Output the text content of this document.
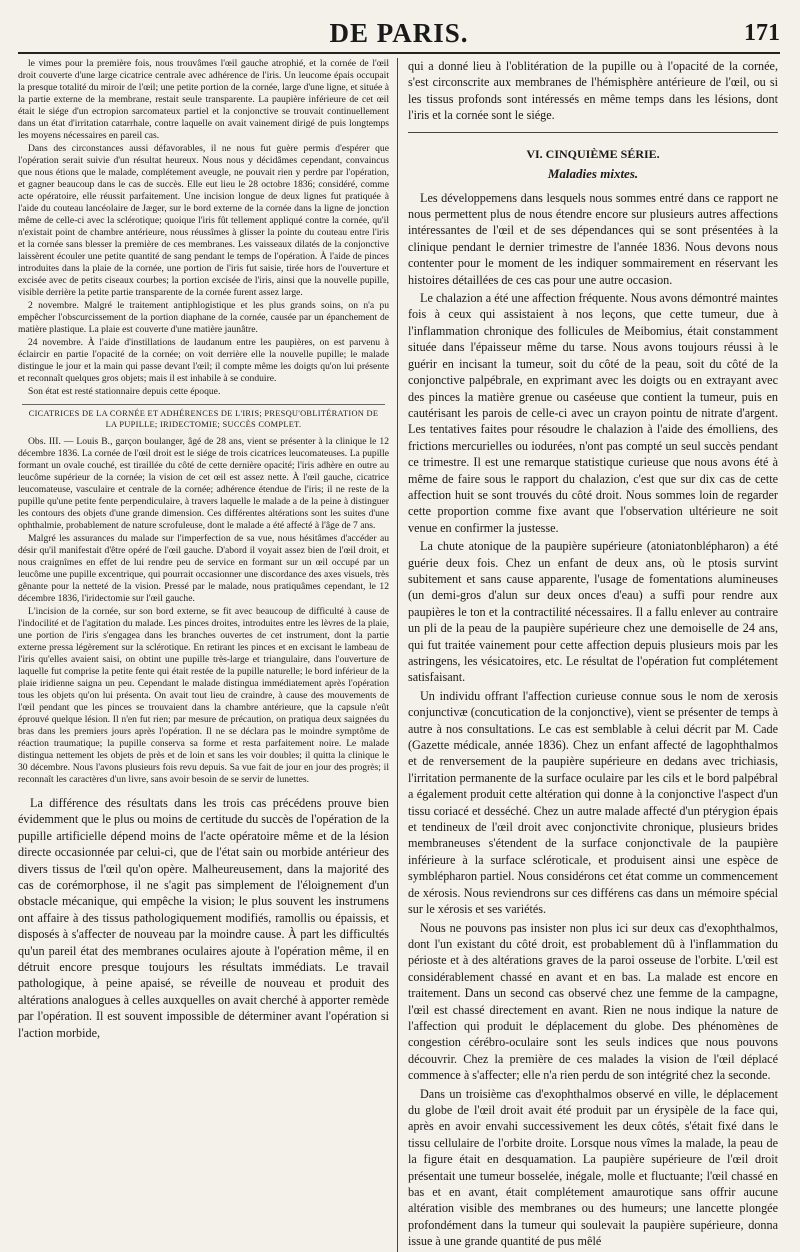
DE PARIS.	171

le vimes pour la première fois, nous trouvâmes l'œil gauche atrophié, et la cornée de l'œil droit couverte d'une large cicatrice centrale avec adhérence de l'iris. Un leucome épais occupait la presque totalité du miroir de l'œil; une petite portion de la cornée, large d'une ligne, et située à la partie externe de la membrane, restait seule transparente. La paupière inférieure de cet œil était le siége d'un ectropion sarcomateux partiel et la conjonctive se trouvait continuellement dans un état d'irritation catarrhale, contre laquelle on avait vainement dirigé de puis longtemps les moyens nécessaires en pareil cas.

Dans des circonstances aussi défavorables, il ne nous fut guère permis d'espérer que l'opération serait suivie d'un résultat heureux. Nous nous y décidâmes cependant, convaincus que nous étions que le malade, complétement aveugle, ne pouvait rien y perdre par l'opération, et gagner beaucoup dans le cas de succès. Elle eut lieu le 28 octobre 1836; considéré, comme acte opératoire, elle réussit parfaitement. Une incision longue de deux lignes fut pratiquée à l'aide du couteau lancéolaire de Jæger, sur le bord externe de la cornée dans la ligne de jonction même de celle-ci avec la sclérotique; quoique l'iris fût tellement appliqué contre la cornée, qu'il n'existait point de chambre antérieure, nous réussîmes à glisser la pointe du couteau entre l'iris et la cornée sans blesser la première de ces membranes. Les vaisseaux dilatés de la conjonctive laissèrent écouler une petite quantité de sang pendant le temps de l'opération. À l'aide de pinces introduites dans la plaie de la cornée, une portion de l'iris fut saisie, tirée hors de l'ouverture et excisée avec de petits ciseaux courbes; la portion excisée de l'iris, ainsi que la nouvelle pupille, visible derrière la petite partie transparente de la cornée furent assez large.

2 novembre. Malgré le traitement antiphlogistique et les plus grands soins, on n'a pu empêcher l'obscurcissement de la portion diaphane de la cornée, causée par un épanchement de matière plastique. La plaie est couverte d'une matière jaunâtre.

24 novembre. À l'aide d'instillations de laudanum entre les paupières, on est parvenu à éclaircir en partie l'opacité de la cornée; on voit derrière elle la nouvelle pupille; le malade distingue le jour et la main qui passe devant l'œil; il compte même les doigts qu'on lui présente et reconnaît quelques gros objets; mais il est inhabile à se conduire.

Son état est resté stationnaire depuis cette époque.

CICATRICES DE LA CORNÉE ET ADHÉRENCES DE L'IRIS; PRESQU'OBLITÉRATION DE LA PUPILLE; IRIDECTOMIE; SUCCÈS COMPLET.

Obs. III. — Louis B., garçon boulanger, âgé de 28 ans, vient se présenter à la clinique le 12 décembre 1836. La cornée de l'œil droit est le siége de trois cicatrices leucomateuses. La pupille formant un ovale couché, est tiraillée du côté de cette dernière opacité; l'iris adhère en outre au leucôme supérieur de la cornée; la vision de cet œil est assez nette. À l'œil gauche, cicatrice leucomateuse, vasculaire et centrale de la cornée; adhérence étendue de l'iris; il ne reste de la pupille qu'une petite fente perpendiculaire, à travers laquelle le malade a de la peine à distinguer les contours des objets d'une grande dimension. Ces différentes altérations sont les suites d'une ophthalmie, probablement de nature scrofuleuse, dont le malade a été affecté à l'âge de 7 ans.

Malgré les assurances du malade sur l'imperfection de sa vue, nous hésitâmes d'accéder au désir qu'il manifestait d'être opéré de l'œil gauche. D'abord il voyait assez bien de l'œil droit, et nous craignîmes en effet de lui rendre peu de service en formant sur un œil occupé par un leucôme une pupille excentrique, qui pourrait occasionner une discordance des axes visuels, très gênante pour la netteté de la vision. Pressé par le malade, nous pratiquâmes cependant, le 12 décembre 1836, l'iridectomie sur l'œil gauche.

L'incision de la cornée, sur son bord externe, se fit avec beaucoup de difficulté à cause de l'indocilité et de l'agitation du malade. Les pinces droites, introduites entre les lèvres de la plaie, une portion de l'iris s'engagea dans les branches ouvertes de cet instrument, dont la partie externe pressa légèrement sur la sclérotique. En retirant les pinces et en excisant le lambeau de l'iris qu'elles avaient saisi, on obtint une pupille très-large et triangulaire, dans l'ouverture de laquelle fut comprise la petite fente qui était restée de la pupille naturelle; le bord inférieur de la plaie iridienne saigna un peu. Cependant le malade distingua immédiatement après l'opération tous les objets qu'on lui présenta. On avait tout lieu de craindre, à cause des mouvements de l'œil pendant que les pinces se trouvaient dans la chambre antérieure, que la capsule n'eût éprouvé quelque lésion. Il n'en fut rien; par mesure de précaution, on pratiqua deux saignées du bras dans les premiers jours après l'opération. Il ne se déclara pas le moindre symptôme de réaction traumatique; la pupille conserva sa forme et resta parfaitement noire. Le malade distingua nettement les objets de près et de loin et sans les voir doubles; il quitta la clinique le 30 décembre. Nous l'avons plusieurs fois revu depuis. Sa vue fait de jour en jour des progrès; il reconnaît les caractères d'un livre, sans avoir besoin de se servir de lunettes.

La différence des résultats dans les trois cas précédens prouve bien évidemment que le plus ou moins de certitude du succès de l'opération de la pupille artificielle dépend moins de l'acte opératoire même et de la lésion directe occasionnée par celui-ci, que de l'état sain ou morbide antérieur des divers tissus de l'œil qu'on opère. Malheureusement, dans la majorité des cas de corémorphose, il ne s'agit pas simplement de l'éloignement d'un obstacle mécanique, qui empêche la vision; le plus souvent les instrumens ont affaire à des tissus pathologiquement modifiés, ramollis ou épaissis, et disposés à s'affecter de nouveau par la moindre cause. À part les difficultés qu'un pareil état des membranes oculaires ajoute à l'opération même, il en détruit encore presque toujours les résultats immédiats. Le travail pathologique, à peine apaisé, se réveille de nouveau et produit des altérations analogues à celles auxquelles on avait cherché à apporter remède par l'opération. Il est souvent impossible de déterminer avant l'opération si l'action morbide,

qui a donné lieu à l'oblitération de la pupille ou à l'opacité de la cornée, s'est circonscrite aux membranes de l'hémisphère antérieure de l'œil, ou si les tissus profonds sont intéressés en même temps dans les lésions, dont l'iris et la cornée sont le siége.

VI. CINQUIÈME SÉRIE.
Maladies mixtes.

Les développemens dans lesquels nous sommes entré dans ce rapport ne nous permettent plus de nous étendre encore sur plusieurs autres affections intéressantes de l'œil et de ses dépendances qui se sont présentées à la clinique pendant le dernier trimestre de l'année 1836. Nous devons nous contenter pour le moment de les indiquer sommairement en réservant les histoires détaillées de ces cas pour une autre occasion.

Le chalazion a été une affection fréquente. Nous avons démontré maintes fois à ceux qui assistaient à nos leçons, que cette tumeur, due à l'inflammation chronique des follicules de Meibomius, était constamment située dans l'épaisseur même du tarse. Nous avons toujours réussi à le guérir en incisant la tumeur, soit du côté de la peau, soit du côté de la conjonctive palpébrale, en exprimant avec les doigts ou en extrayant avec des pinces la matière grenue ou caséeuse que contient la tumeur, puis en cautérisant les parois de celle-ci avec un crayon pointu de nitrate d'argent. Les tentatives faites pour résoudre le chalazion à l'aide des émolliens, des frictions mercurielles ou iodurées, n'ont pas compté un seul succès pendant ce trimestre. Il est une remarque statistique curieuse que nous avons été à même de faire sous le rapport du chalazion, c'est que sur dix cas de cette affection huit se sont trouvés du côté droit. Nous sommes loin de regarder cette proportion comme fixe avant que l'observation ultérieure ne soit venue en confirmer la justesse.

La chute atonique de la paupière supérieure (atoniatonblépharon) a été guérie deux fois. Chez un enfant de deux ans, où le ptosis survint subitement et sans cause apparente, l'usage de fomentations alumineuses (un demi-gros d'alun sur deux onces d'eau) a suffi pour rendre aux paupières le ton et la contractilité nécessaires. Il a fallu enlever au contraire un pli de la peau de la paupière supérieure chez une demoiselle de 24 ans, qui fut traitée vainement pour cette affection depuis plusieurs mois par les astringens, les vésicatoires, etc. Le résultat de l'opération fut complétement satisfaisant.

Un individu offrant l'affection curieuse connue sous le nom de xerosis conjunctivæ (concutication de la conjonctive), vient se présenter de temps à autre à nos consultations. Le cas est semblable à celui décrit par M. Cade (Gazette médicale, année 1836). Chez un enfant affecté de lagophthalmos et de renversement de la paupière supérieure en dedans avec trichiasis, l'irritation permanente de la surface oculaire par les cils et le bord palpébral a également produit cette altération qui donne à la conjonctive l'aspect d'un tissu coriacé et desséché. Chez un autre malade affecté d'un ptérygion épais et tendineux de l'œil droit avec conjonctivite chronique, plusieurs brides membraneuses s'étendent de la surface conjonctivale de la paupière inférieure à la surface scléroticale, et produisent ainsi une espèce de symblépharon partiel. Nous considérons cet état comme un commencement de xérosis. Nous reviendrons sur ces différens cas dans un mémoire spécial sur le xérosis et ses variétés.

Nous ne pouvons pas insister non plus ici sur deux cas d'exophthalmos, dont l'un existant du côté droit, est probablement dû à l'inflammation du périoste et à des altérations graves de la paroi osseuse de l'orbite. L'œil est considérablement chassé en avant et en bas. La malade est encore en traitement. Dans un second cas observé chez une femme de la campagne, l'œil est chassé directement en avant. Rien ne nous indique la nature de l'affection qui produit le déplacement du globe. Des phénomènes de congestion cérébro-oculaire sont les seuls indices que nous pouvons découvrir. Chez la première de ces malades la vision de l'œil déplacé commence à s'affecter; elle n'a rien perdu de son intégrité chez la seconde.

Dans un troisième cas d'exophthalmos observé en ville, le déplacement du globe de l'œil droit avait été produit par un érysipèle de la face qui, après en avoir envahi successivement les deux côtés, s'était fixé dans le tissu cellulaire de l'orbite droite. Lorsque nous vîmes la malade, la peau de la figure était en desquamation. La paupière supérieure de l'œil droit présentait une tumeur bosselée, inégale, molle et fluctuante; l'œil chassé en bas et en avant, était complétement amaurotique sans offrir aucune altération visible des membranes ou des humeurs; une lancette plongée profondément dans la tumeur qui soulevait la paupière supérieure, donna issue à une grande quantité de pus mêlé
